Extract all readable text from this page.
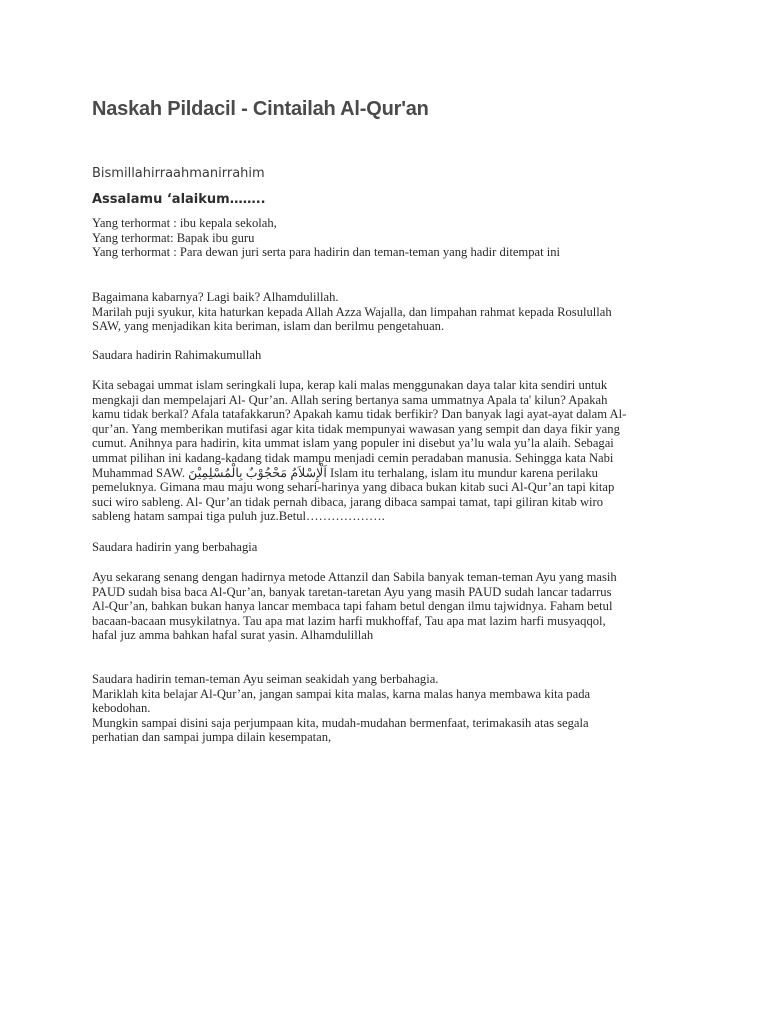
Naskah Pildacil - Cintailah Al-Qur'an

Bismillahirraahmanirrahim

Assalamu ‘alaikum……..

Yang terhormat : ibu kepala sekolah,
Yang terhormat: Bapak ibu guru
Yang terhormat : Para dewan juri serta para hadirin dan teman-teman yang hadir ditempat ini
Bagaimana kabarnya? Lagi baik? Alhamdulillah.
Marilah puji syukur, kita haturkan kepada Allah Azza Wajalla, dan limpahan rahmat kepada Rosulullah
SAW, yang menjadikan kita beriman, islam dan berilmu pengetahuan.
Saudara hadirin Rahimakumullah
Kita sebagai ummat islam seringkali lupa, kerap kali malas menggunakan daya talar kita sendiri untuk
mengkaji dan mempelajari Al- Qur’an. Allah sering bertanya sama ummatnya Apala ta' kilun? Apakah
kamu tidak berkal? Afala tatafakkarun? Apakah kamu tidak berfikir? Dan banyak lagi ayat-ayat dalam Al-
qur’an. Yang memberikan mutifasi agar kita tidak mempunyai wawasan yang sempit dan daya fikir yang
cumut. Anihnya para hadirin, kita ummat islam yang populer ini disebut ya’lu wala yu’la alaih. Sebagai
ummat pilihan ini kadang-kadang tidak mampu menjadi cemin peradaban manusia. Sehingga kata Nabi
Muhammad SAW. اَلْإِسْلاَمُ مَحْجُوْبٌ بِالْمُسْلِمِيْنَ Islam itu terhalang, islam itu mundur karena perilaku
pemeluknya. Gimana mau maju wong sehari-harinya yang dibaca bukan kitab suci Al-Qur’an tapi kitap
suci wiro sableng. Al- Qur’an tidak pernah dibaca, jarang dibaca sampai tamat, tapi giliran kitab wiro
sableng hatam sampai tiga puluh juz.Betul……………….
Saudara hadirin yang berbahagia
Ayu sekarang senang dengan hadirnya metode Attanzil dan Sabila banyak teman-teman Ayu yang masih
PAUD sudah bisa baca Al-Qur’an, banyak taretan-taretan Ayu yang masih PAUD sudah lancar tadarrus
Al-Qur’an, bahkan bukan hanya lancar membaca tapi faham betul dengan ilmu tajwidnya. Faham betul
bacaan-bacaan musykilatnya. Tau apa mat lazim harfi mukhoffaf, Tau apa mat lazim harfi musyaqqol,
hafal juz amma bahkan hafal surat yasin. Alhamdulillah
Saudara hadirin teman-teman Ayu seiman seakidah yang berbahagia.
Mariklah kita belajar Al-Qur’an, jangan sampai kita malas, karna malas hanya membawa kita pada
kebodohan.
Mungkin sampai disini saja perjumpaan kita, mudah-mudahan bermenfaat, terimakasih atas segala
perhatian dan sampai jumpa dilain kesempatan,
